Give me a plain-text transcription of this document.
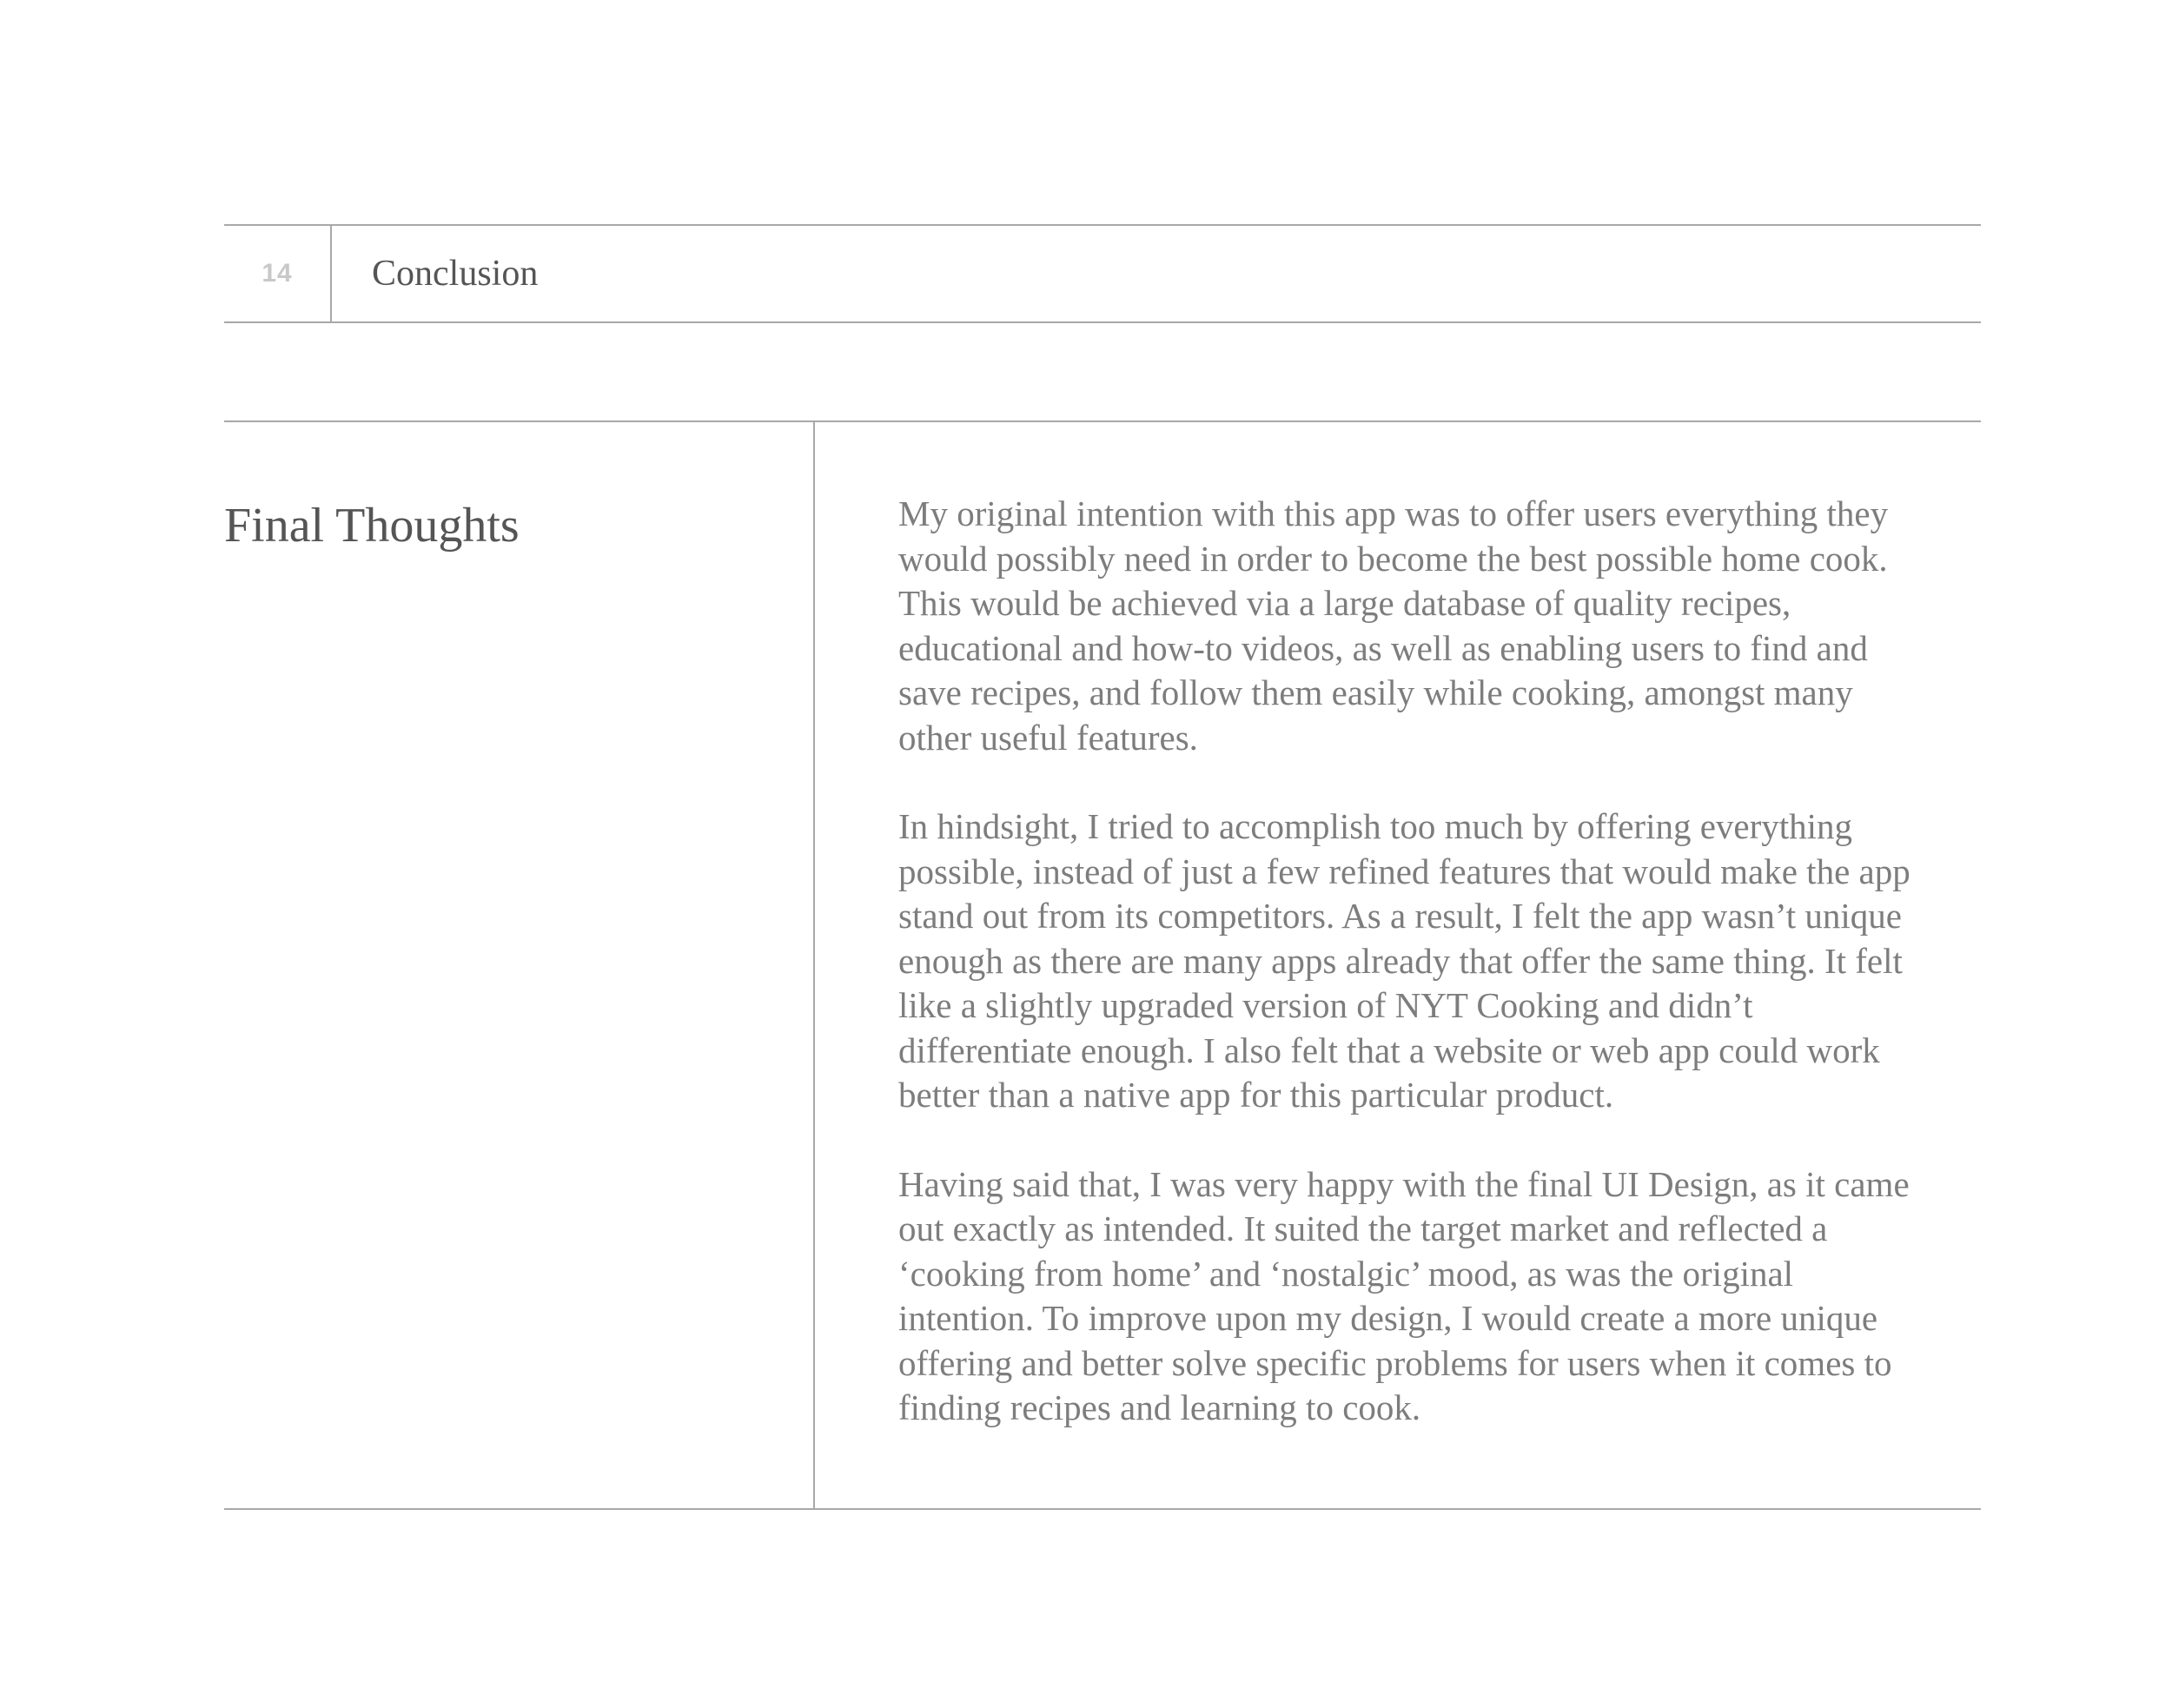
14	Conclusion
Final Thoughts	My original intention with this app was to offer users everything they would possibly need in order to become the best possible home cook. This would be achieved via a large database of quality recipes, educational and how-to videos, as well as enabling users to find and save recipes, and follow them easily while cooking, amongst many other useful features.

In hindsight, I tried to accomplish too much by offering everything possible, instead of just a few refined features that would make the app stand out from its competitors. As a result, I felt the app wasn’t unique enough as there are many apps already that offer the same thing. It felt like a slightly upgraded version of NYT Cooking and didn’t differentiate enough. I also felt that a website or web app could work better than a native app for this particular product.

Having said that, I was very happy with the final UI Design, as it came out exactly as intended. It suited the target market and reflected a ‘cooking from home’ and ‘nostalgic’ mood, as was the original intention. To improve upon my design, I would create a more unique offering and better solve specific problems for users when it comes to finding recipes and learning to cook.
